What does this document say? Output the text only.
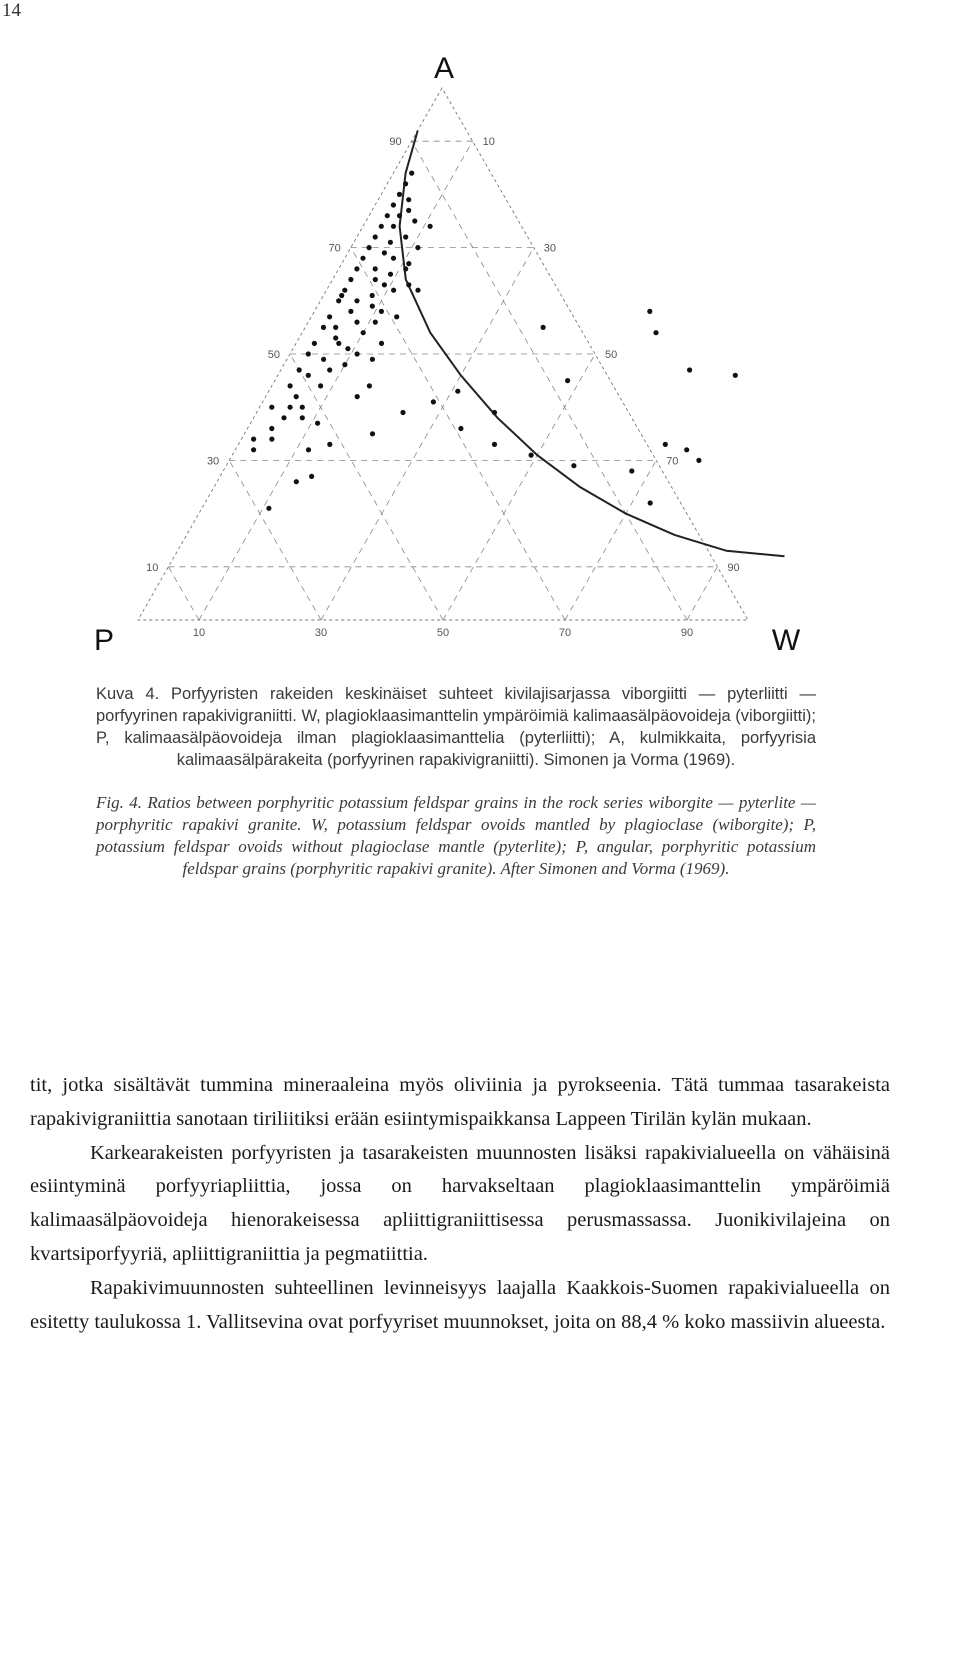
14
10
30
50
70
90
90
70
50
30
10
10	30	50	70	90
A
P	W
Kuva 4. Porfyyristen rakeiden keskinäiset suhteet kivilajisarjassa viborgiitti — pyterliitti — porfyyrinen rapakivigraniitti. W, plagioklaasimanttelin ympäröimiä kalimaasälpäovoideja (viborgiitti); P, kalimaasälpäovoideja ilman plagioklaasimanttelia (pyterliitti); A, kulmikkaita, porfyyrisia kalimaasälpärakeita (porfyyrinen rapakivigraniitti). Simonen ja Vorma (1969).
Fig. 4. Ratios between porphyritic potassium feldspar grains in the rock series wiborgite — pyterlite — porphyritic rapakivi granite. W, potassium feldspar ovoids mantled by plagioclase (wiborgite); P, potassium feldspar ovoids without plagioclase mantle (pyterlite); P, angular, porphyritic potassium feldspar grains (porphyritic rapakivi granite). After Simonen and Vorma (1969).

tit, jotka sisältävät tummina mineraaleina myös oliviinia ja pyrokseenia. Tätä tummaa tasarakeista rapakivigraniittia sanotaan tiriliitiksi erään esiintymispaikkansa Lappeen Tirilän kylän mukaan.

Karkearakeisten porfyyristen ja tasarakeisten muunnosten lisäksi rapakivialueella on vähäisinä esiintyminä porfyyriapliittia, jossa on harvakseltaan plagioklaasimanttelin ympäröimiä kalimaasälpäovoideja hienorakeisessa apliittigraniittisessa perusmassassa. Juonikivilajeina on kvartsiporfyyriä, apliittigraniittia ja pegmatiittia.

Rapakivimuunnosten suhteellinen levinneisyys laajalla Kaakkois-Suomen rapakivialueella on esitetty taulukossa 1. Vallitsevina ovat porfyyriset muunnokset, joita on 88,4 % koko massiivin alueesta.
